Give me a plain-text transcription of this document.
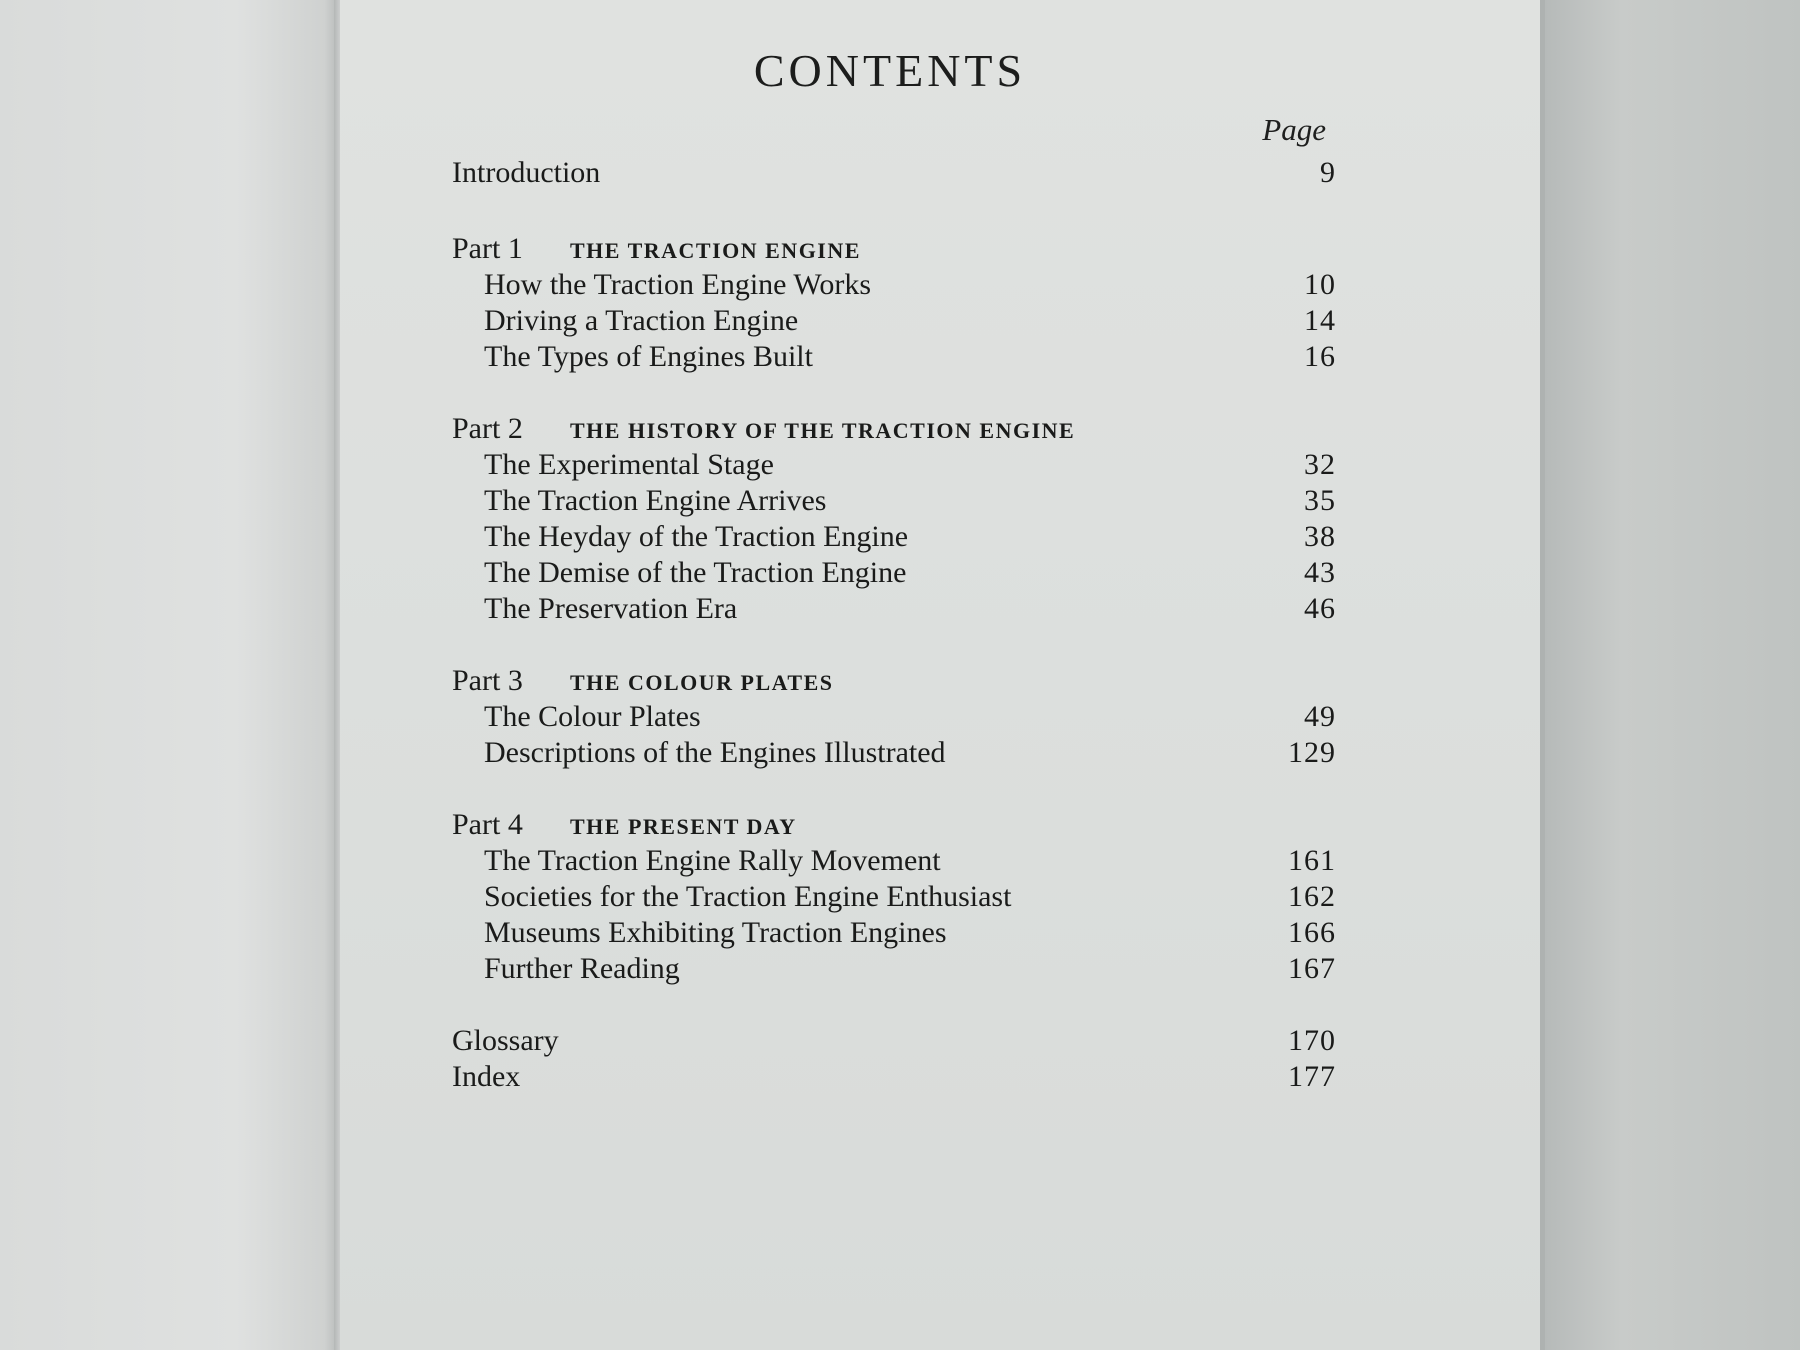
CONTENTS
Page
Introduction	9
Part 1	THE TRACTION ENGINE
How the Traction Engine Works	10
Driving a Traction Engine	14
The Types of Engines Built	16
Part 2	THE HISTORY OF THE TRACTION ENGINE
The Experimental Stage	32
The Traction Engine Arrives	35
The Heyday of the Traction Engine	38
The Demise of the Traction Engine	43
The Preservation Era	46
Part 3	THE COLOUR PLATES
The Colour Plates	49
Descriptions of the Engines Illustrated	129
Part 4	THE PRESENT DAY
The Traction Engine Rally Movement	161
Societies for the Traction Engine Enthusiast	162
Museums Exhibiting Traction Engines	166
Further Reading	167
Glossary	170
Index	177
